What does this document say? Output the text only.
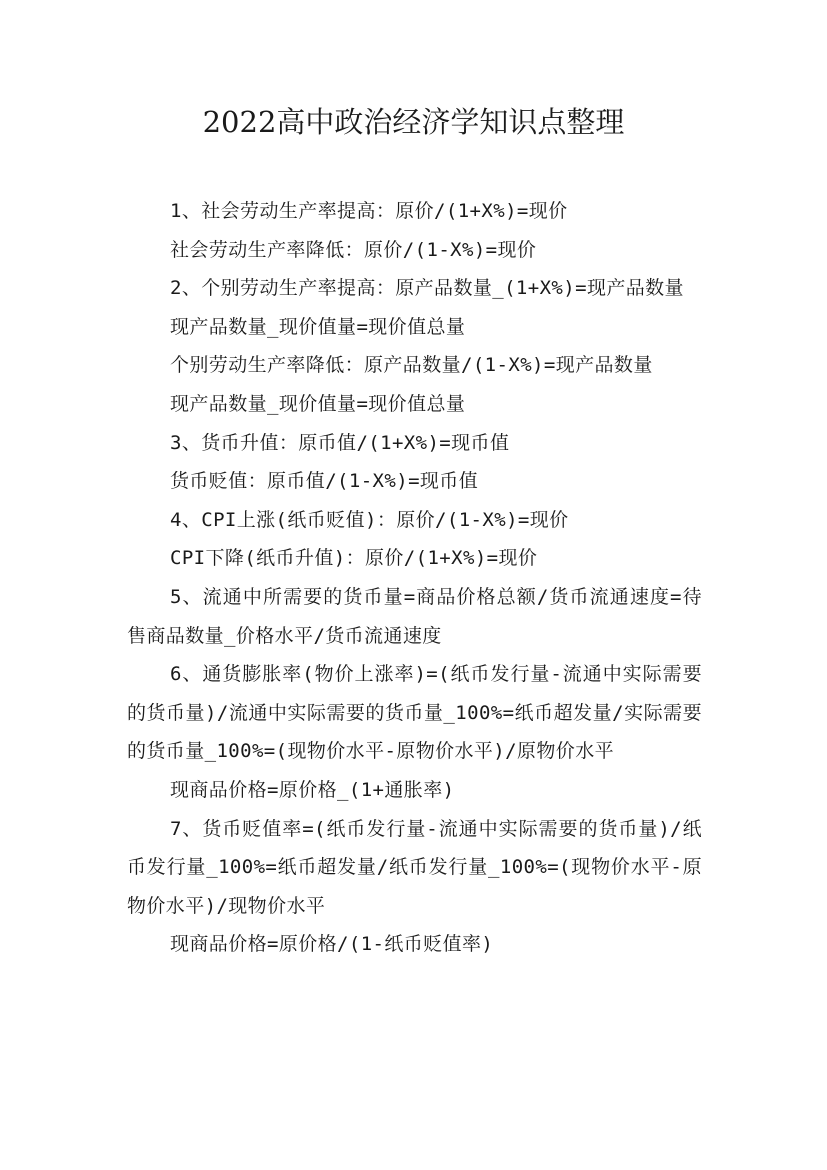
2022高中政治经济学知识点整理

1、社会劳动生产率提高：原价/(1+X%)=现价

社会劳动生产率降低：原价/(1-X%)=现价

2、个别劳动生产率提高：原产品数量_(1+X%)=现产品数量

现产品数量_现价值量=现价值总量

个别劳动生产率降低：原产品数量/(1-X%)=现产品数量

现产品数量_现价值量=现价值总量

3、货币升值：原币值/(1+X%)=现币值

货币贬值：原币值/(1-X%)=现币值

4、CPI上涨(纸币贬值)：原价/(1-X%)=现价

CPI下降(纸币升值)：原价/(1+X%)=现价

5、流通中所需要的货币量=商品价格总额/货币流通速度=待售商品数量_价格水平/货币流通速度

6、通货膨胀率(物价上涨率)=(纸币发行量-流通中实际需要的货币量)/流通中实际需要的货币量_100%=纸币超发量/实际需要的货币量_100%=(现物价水平-原物价水平)/原物价水平

现商品价格=原价格_(1+通胀率)

7、货币贬值率=(纸币发行量-流通中实际需要的货币量)/纸币发行量_100%=纸币超发量/纸币发行量_100%=(现物价水平-原物价水平)/现物价水平

现商品价格=原价格/(1-纸币贬值率)
